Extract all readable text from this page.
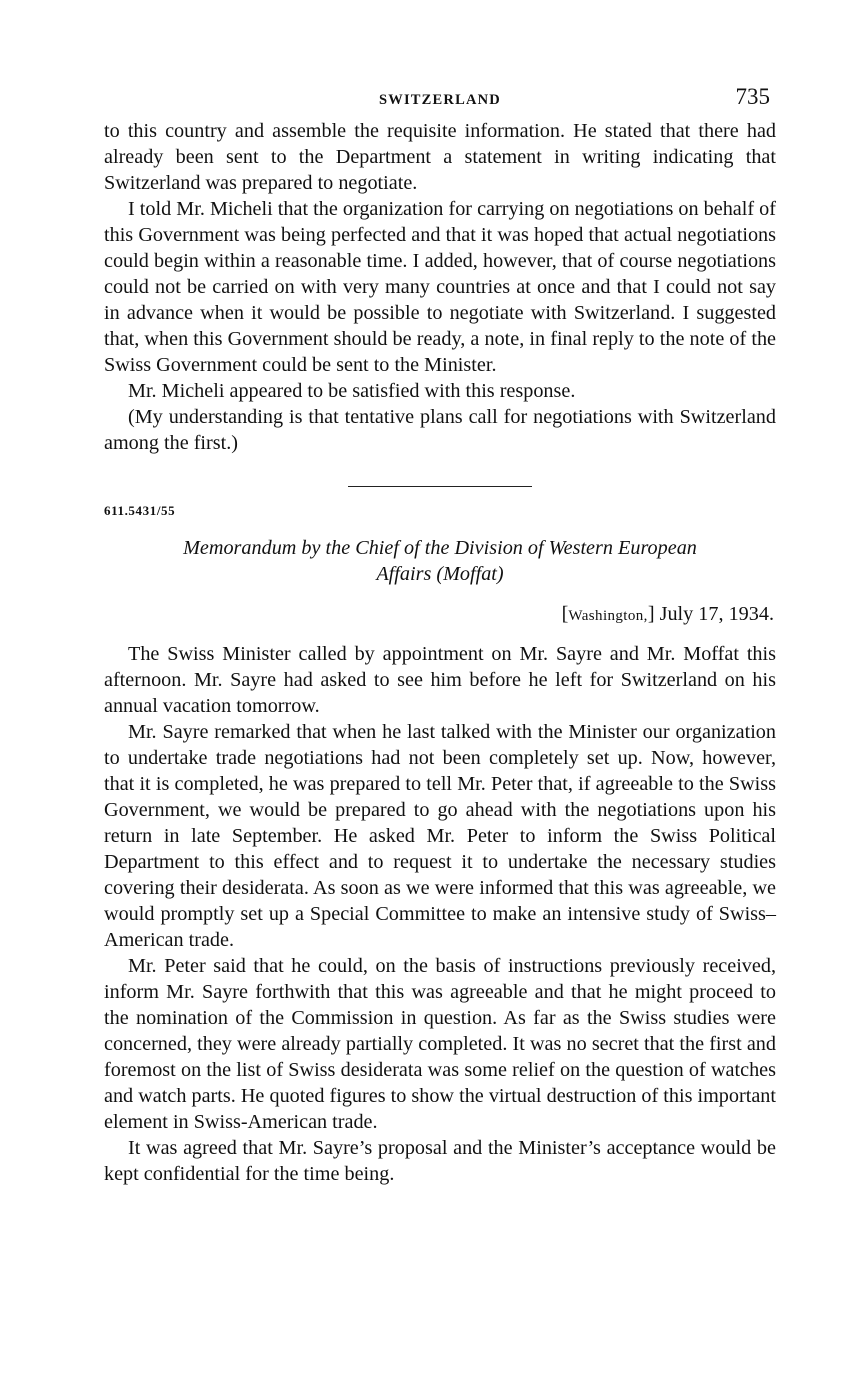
SWITZERLAND	735

to this country and assemble the requisite information. He stated that there had already been sent to the Department a statement in writing indicating that Switzerland was prepared to negotiate.

I told Mr. Micheli that the organization for carrying on negotiations on behalf of this Government was being perfected and that it was hoped that actual negotiations could begin within a reasonable time. I added, however, that of course negotiations could not be carried on with very many countries at once and that I could not say in advance when it would be possible to negotiate with Switzerland. I suggested that, when this Government should be ready, a note, in final reply to the note of the Swiss Government could be sent to the Minister.

Mr. Micheli appeared to be satisfied with this response.

(My understanding is that tentative plans call for negotiations with Switzerland among the first.)

611.5431/55
Memorandum by the Chief of the Division of Western European
Affairs (Moffat)
[Washington,] July 17, 1934.

The Swiss Minister called by appointment on Mr. Sayre and Mr. Moffat this afternoon. Mr. Sayre had asked to see him before he left for Switzerland on his annual vacation tomorrow.

Mr. Sayre remarked that when he last talked with the Minister our organization to undertake trade negotiations had not been completely set up. Now, however, that it is completed, he was prepared to tell Mr. Peter that, if agreeable to the Swiss Government, we would be prepared to go ahead with the negotiations upon his return in late September. He asked Mr. Peter to inform the Swiss Political Department to this effect and to request it to undertake the necessary studies covering their desiderata. As soon as we were informed that this was agreeable, we would promptly set up a Special Committee to make an intensive study of Swiss–American trade.

Mr. Peter said that he could, on the basis of instructions previously received, inform Mr. Sayre forthwith that this was agreeable and that he might proceed to the nomination of the Commission in question. As far as the Swiss studies were concerned, they were already partially completed. It was no secret that the first and foremost on the list of Swiss desiderata was some relief on the question of watches and watch parts. He quoted figures to show the virtual destruction of this important element in Swiss-American trade.

It was agreed that Mr. Sayre’s proposal and the Minister’s acceptance would be kept confidential for the time being.
